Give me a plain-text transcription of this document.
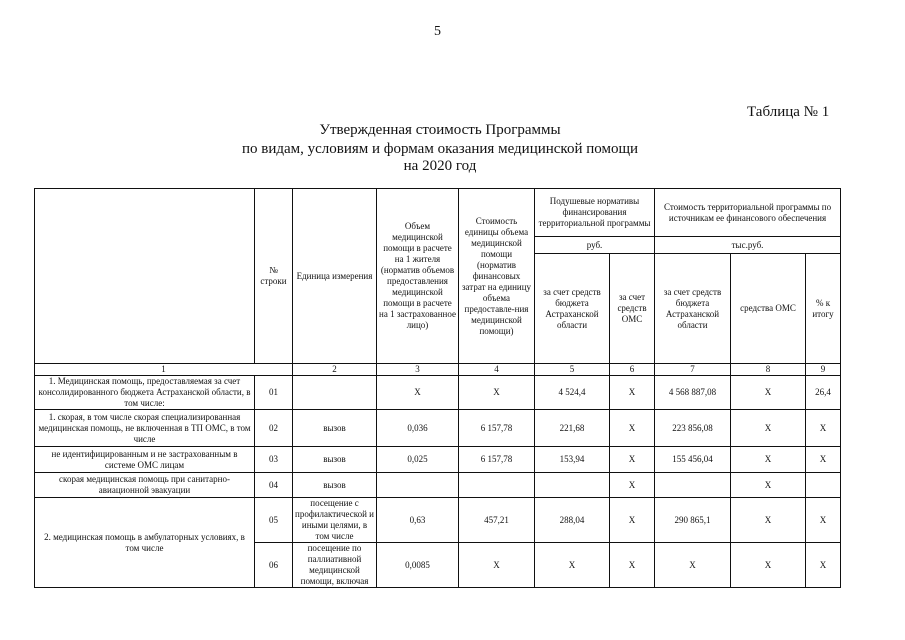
5
Таблица № 1
Утвержденная стоимость Программы
по видам, условиям и формам оказания медицинской помощи
на 2020 год
	№ строки	Единица измерения	Объем медицинской помощи в расчете на 1 жителя (норматив объемов предоставления медицинской помощи в расчете на 1 застрахованное лицо)	Стоимость единицы объема медицинской помощи (норматив финансовых затрат на единицу объема предоставле-ния медицинской помощи)	Подушевые нормативы финансирования территориальной программы		Стоимость территориальной программы по источникам ее финансового обеспечения		
					руб.		тыс.руб.		
					за счет средств бюджета Астраханской области	за счет средств ОМС	за счет средств бюджета Астраханской области	средства ОМС	% к итогу
1		2	3	4	5	6	7	8	9
1. Медицинская помощь, предоставляемая за счет консолидированного бюджета Астраханской области, в том числе:	01		X	X	4 524,4	X	4 568 887,08	X	26,4
1. скорая, в том числе скорая специализированная медицинская помощь, не включенная в ТП ОМС, в том числе	02	вызов	0,036	6 157,78	221,68	X	223 856,08	X	X
не идентифицированным и не застрахованным в системе ОМС лицам	03	вызов	0,025	6 157,78	153,94	X	155 456,04	X	X
скорая медицинская помощь при санитарно-авиационной эвакуации	04	вызов				X		X	
2. медицинская помощь в амбулаторных условиях, в том числе	05	посещение с профилактической и иными целями, в том числе	0,63	457,21	288,04	X	290 865,1	X	X
	06	посещение по паллиативной медицинской помощи, включая	0,0085	X	X	X	X	X	X
